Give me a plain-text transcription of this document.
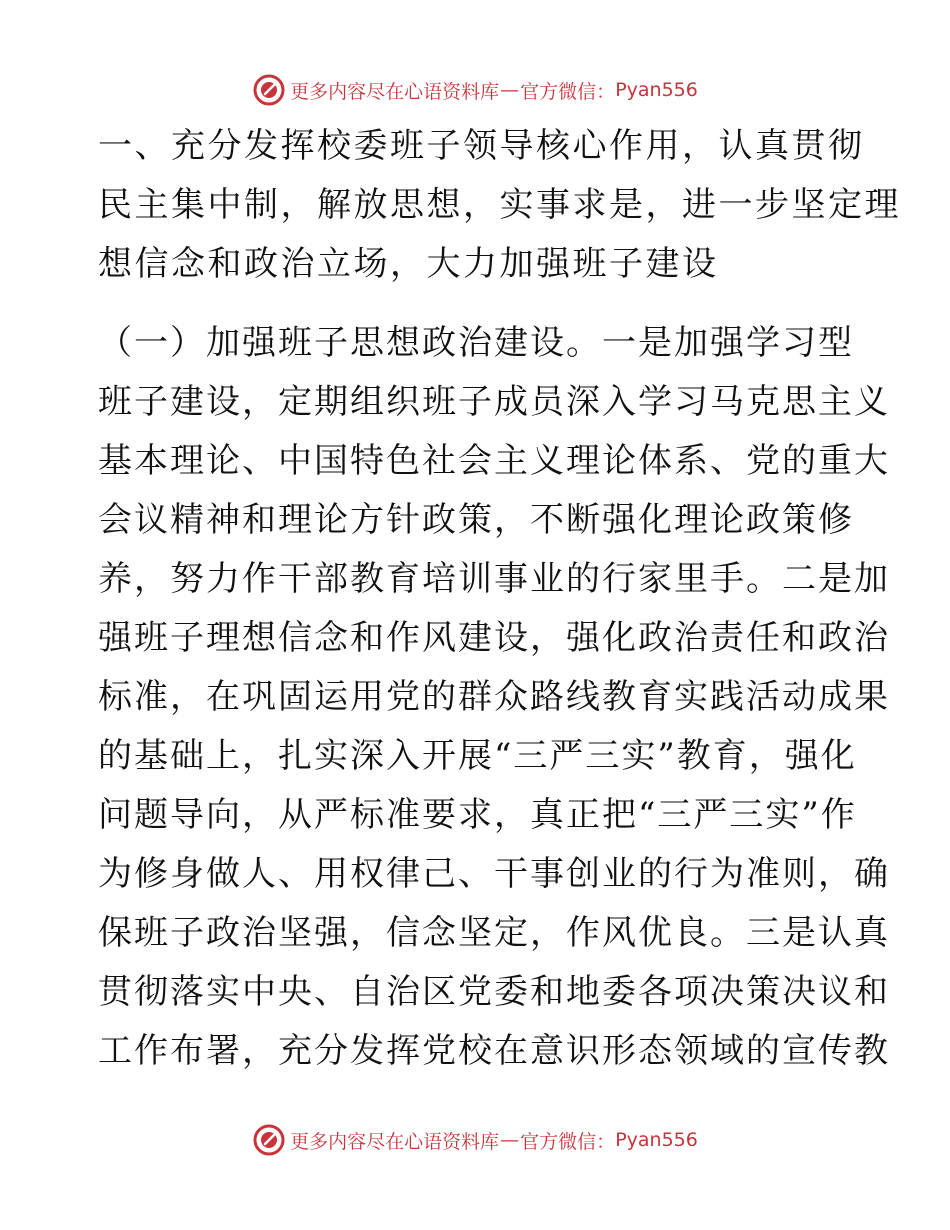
更多内容尽在心语资料库 — 官方微信： Pyan556
一、充分发挥校委班子领导核心作用，认真贯彻
民主集中制，解放思想，实事求是，进一步坚定理
想信念和政治立场，大力加强班子建设
（一）加强班子思想政治建设。一是加强学习型
班子建设，定期组织班子成员深入学习马克思主义
基本理论、中国特色社会主义理论体系、党的重大
会议精神和理论方针政策，不断强化理论政策修
养，努力作干部教育培训事业的行家里手。二是加
强班子理想信念和作风建设，强化政治责任和政治
标准，在巩固运用党的群众路线教育实践活动成果
的基础上，扎实深入开展“三严三实”教育，强化
问题导向，从严标准要求，真正把“三严三实”作
为修身做人、用权律己、干事创业的行为准则，确
保班子政治坚强，信念坚定，作风优良。三是认真
贯彻落实中央、自治区党委和地委各项决策决议和
工作布署，充分发挥党校在意识形态领域的宣传教
更多内容尽在心语资料库 — 官方微信： Pyan556
